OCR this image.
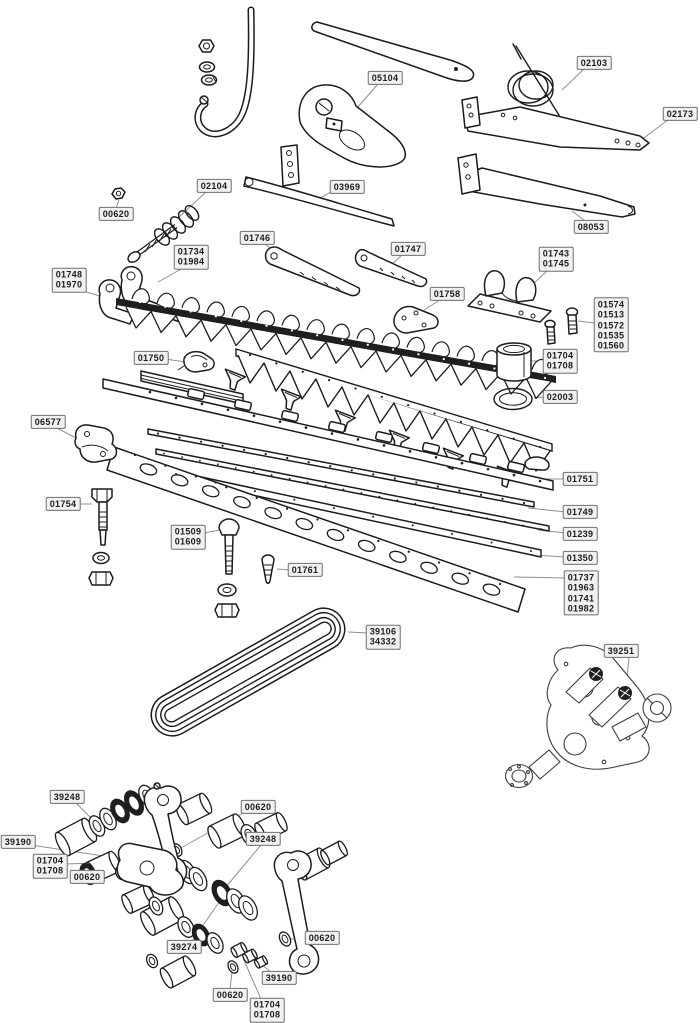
00620
02104
05104
02103
02173
03969
08053
01746
01747
01734
01984
01743
01745
01748
01970
01758
01574
01513
01572
01535
01560
01750	01704
01708
02003
06577
01751
01754
01749
01239
01350
01737
01963
01741
01982
01509
01609
01761
39106
34332
39251
39248
00620
39190
01704
01708
00620
39248
39274
00620
39190
00620
01704
01708
